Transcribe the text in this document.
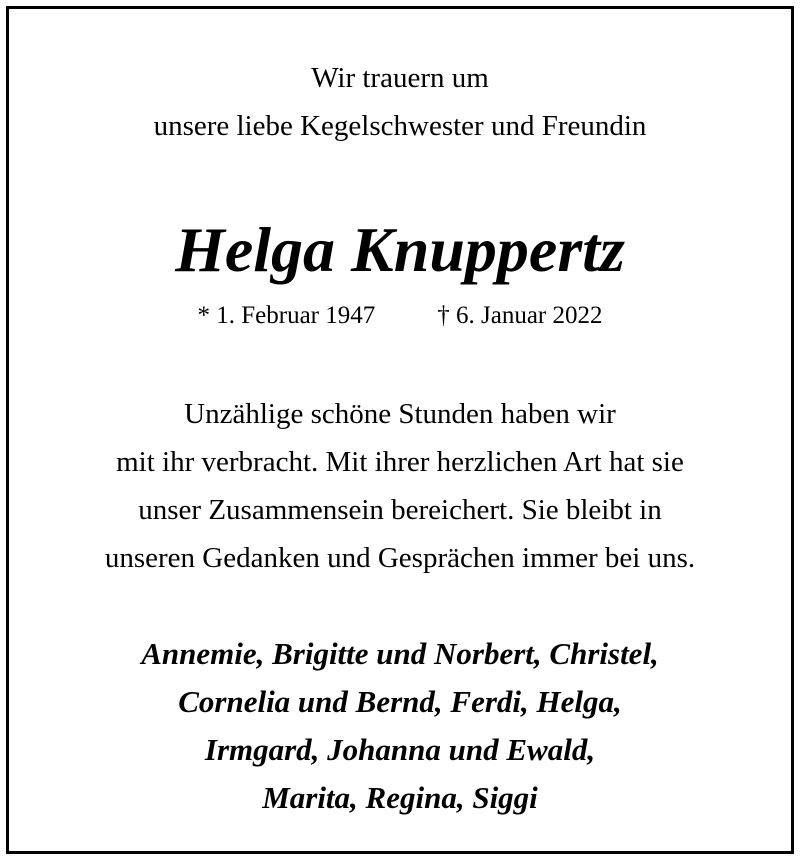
Wir trauern um
unsere liebe Kegelschwester und Freundin
Helga Knuppertz
* 1. Februar 1947 † 6. Januar 2022
Unzählige schöne Stunden haben wir
mit ihr verbracht. Mit ihrer herzlichen Art hat sie
unser Zusammensein bereichert. Sie bleibt in
unseren Gedanken und Gesprächen immer bei uns.
Annemie, Brigitte und Norbert, Christel,
Cornelia und Bernd, Ferdi, Helga,
Irmgard, Johanna und Ewald,
Marita, Regina, Siggi
